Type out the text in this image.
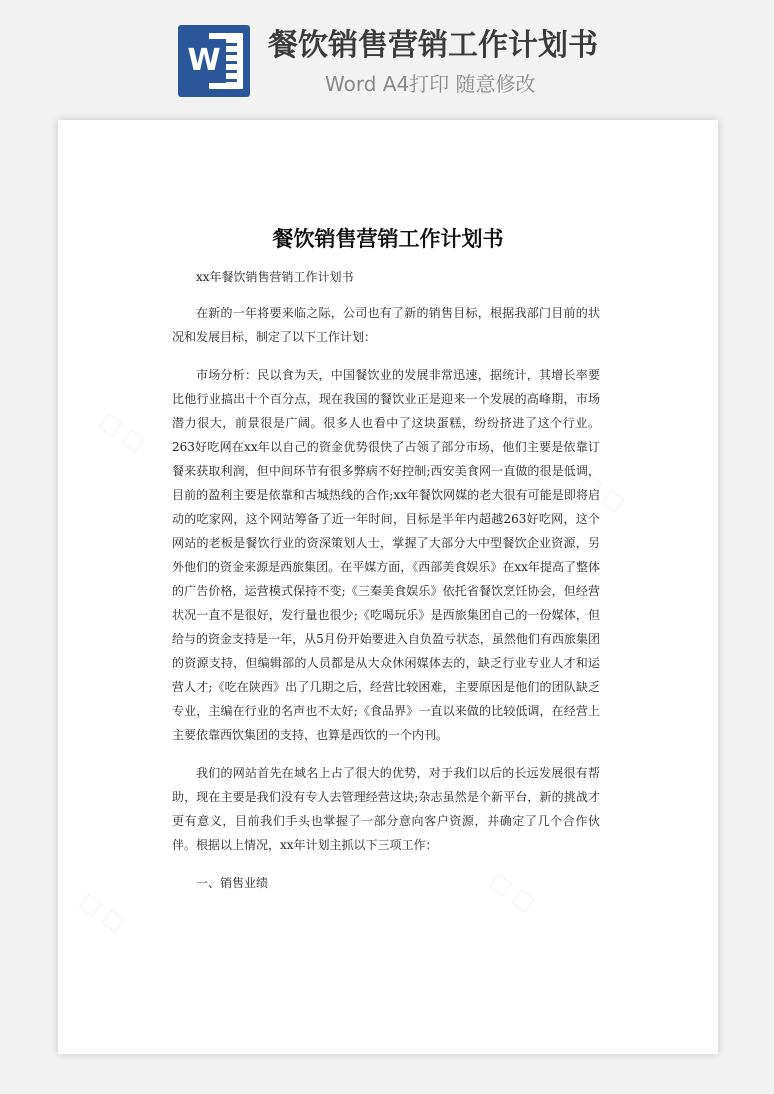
W 餐饮销售营销工作计划书
Word A4打印 随意修改
餐饮销售营销工作计划书

xx年餐饮销售营销工作计划书

在新的一年将要来临之际，公司也有了新的销售目标，根据我部门目前的状况和发展目标，制定了以下工作计划：

市场分析：民以食为天，中国餐饮业的发展非常迅速，据统计，其增长率要比他行业搞出十个百分点，现在我国的餐饮业正是迎来一个发展的高峰期，市场潜力很大，前景很是广阔。很多人也看中了这块蛋糕，纷纷挤进了这个行业。263好吃网在xx年以自己的资金优势很快了占领了部分市场，他们主要是依靠订餐来获取利润，但中间环节有很多弊病不好控制;西安美食网一直做的很是低调，目前的盈利主要是依靠和古城热线的合作;xx年餐饮网媒的老大很有可能是即将启动的吃家网，这个网站筹备了近一年时间，目标是半年内超越263好吃网，这个网站的老板是餐饮行业的资深策划人士，掌握了大部分大中型餐饮企业资源，另外他们的资金来源是西旅集团。在平媒方面，《西部美食娱乐》在xx年提高了整体的广告价格，运营模式保持不变;《三秦美食娱乐》依托省餐饮烹饪协会，但经营状况一直不是很好，发行量也很少;《吃喝玩乐》是西旅集团自己的一份媒体，但给与的资金支持是一年，从5月份开始要进入自负盈亏状态，虽然他们有西旅集团的资源支持，但编辑部的人员都是从大众休闲媒体去的，缺乏行业专业人才和运营人才;《吃在陕西》出了几期之后，经营比较困难，主要原因是他们的团队缺乏专业，主编在行业的名声也不太好;《食品界》一直以来做的比较低调，在经营上主要依靠西饮集团的支持，也算是西饮的一个内刊。

我们的网站首先在域名上占了很大的优势，对于我们以后的长远发展很有帮助，现在主要是我们没有专人去管理经营这块;杂志虽然是个新平台，新的挑战才更有意义，目前我们手头也掌握了一部分意向客户资源，并确定了几个合作伙伴。根据以上情况，xx年计划主抓以下三项工作：

一、销售业绩
